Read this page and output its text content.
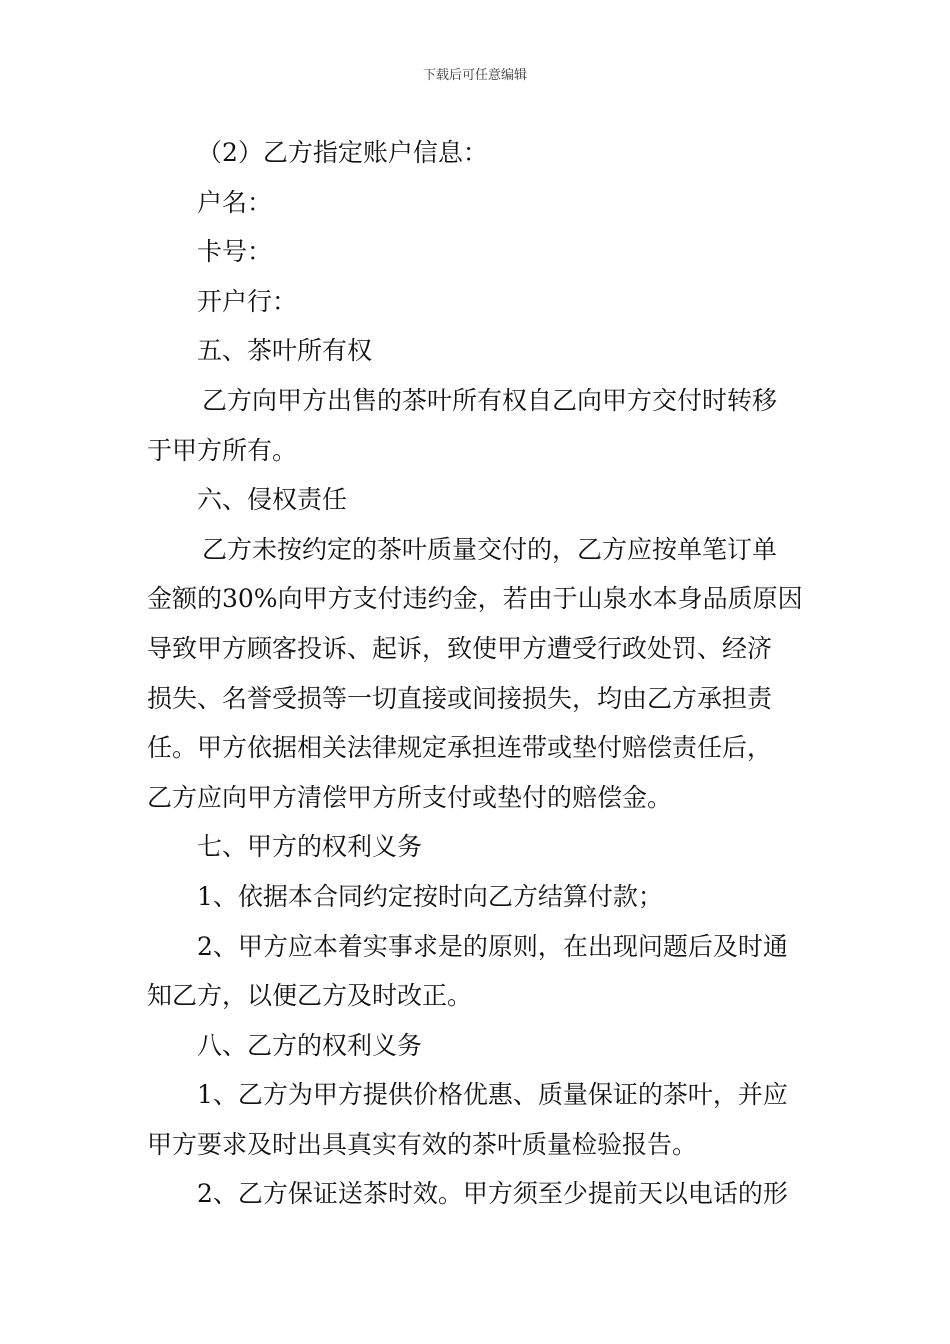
下载后可任意编辑

（2）乙方指定账户信息：

户名：

卡号：

开户行：

五、茶叶所有权

乙方向甲方出售的茶叶所有权自乙向甲方交付时转移

于甲方所有。

六、侵权责任

乙方未按约定的茶叶质量交付的，乙方应按单笔订单

金额的30%向甲方支付违约金，若由于山泉水本身品质原因

导致甲方顾客投诉、起诉，致使甲方遭受行政处罚、经济

损失、名誉受损等一切直接或间接损失，均由乙方承担责

任。甲方依据相关法律规定承担连带或垫付赔偿责任后，

乙方应向甲方清偿甲方所支付或垫付的赔偿金。

七、甲方的权利义务

1、依据本合同约定按时向乙方结算付款；

2、甲方应本着实事求是的原则，在出现问题后及时通

知乙方，以便乙方及时改正。

八、乙方的权利义务

1、乙方为甲方提供价格优惠、质量保证的茶叶，并应

甲方要求及时出具真实有效的茶叶质量检验报告。

2、乙方保证送茶时效。甲方须至少提前天以电话的形
